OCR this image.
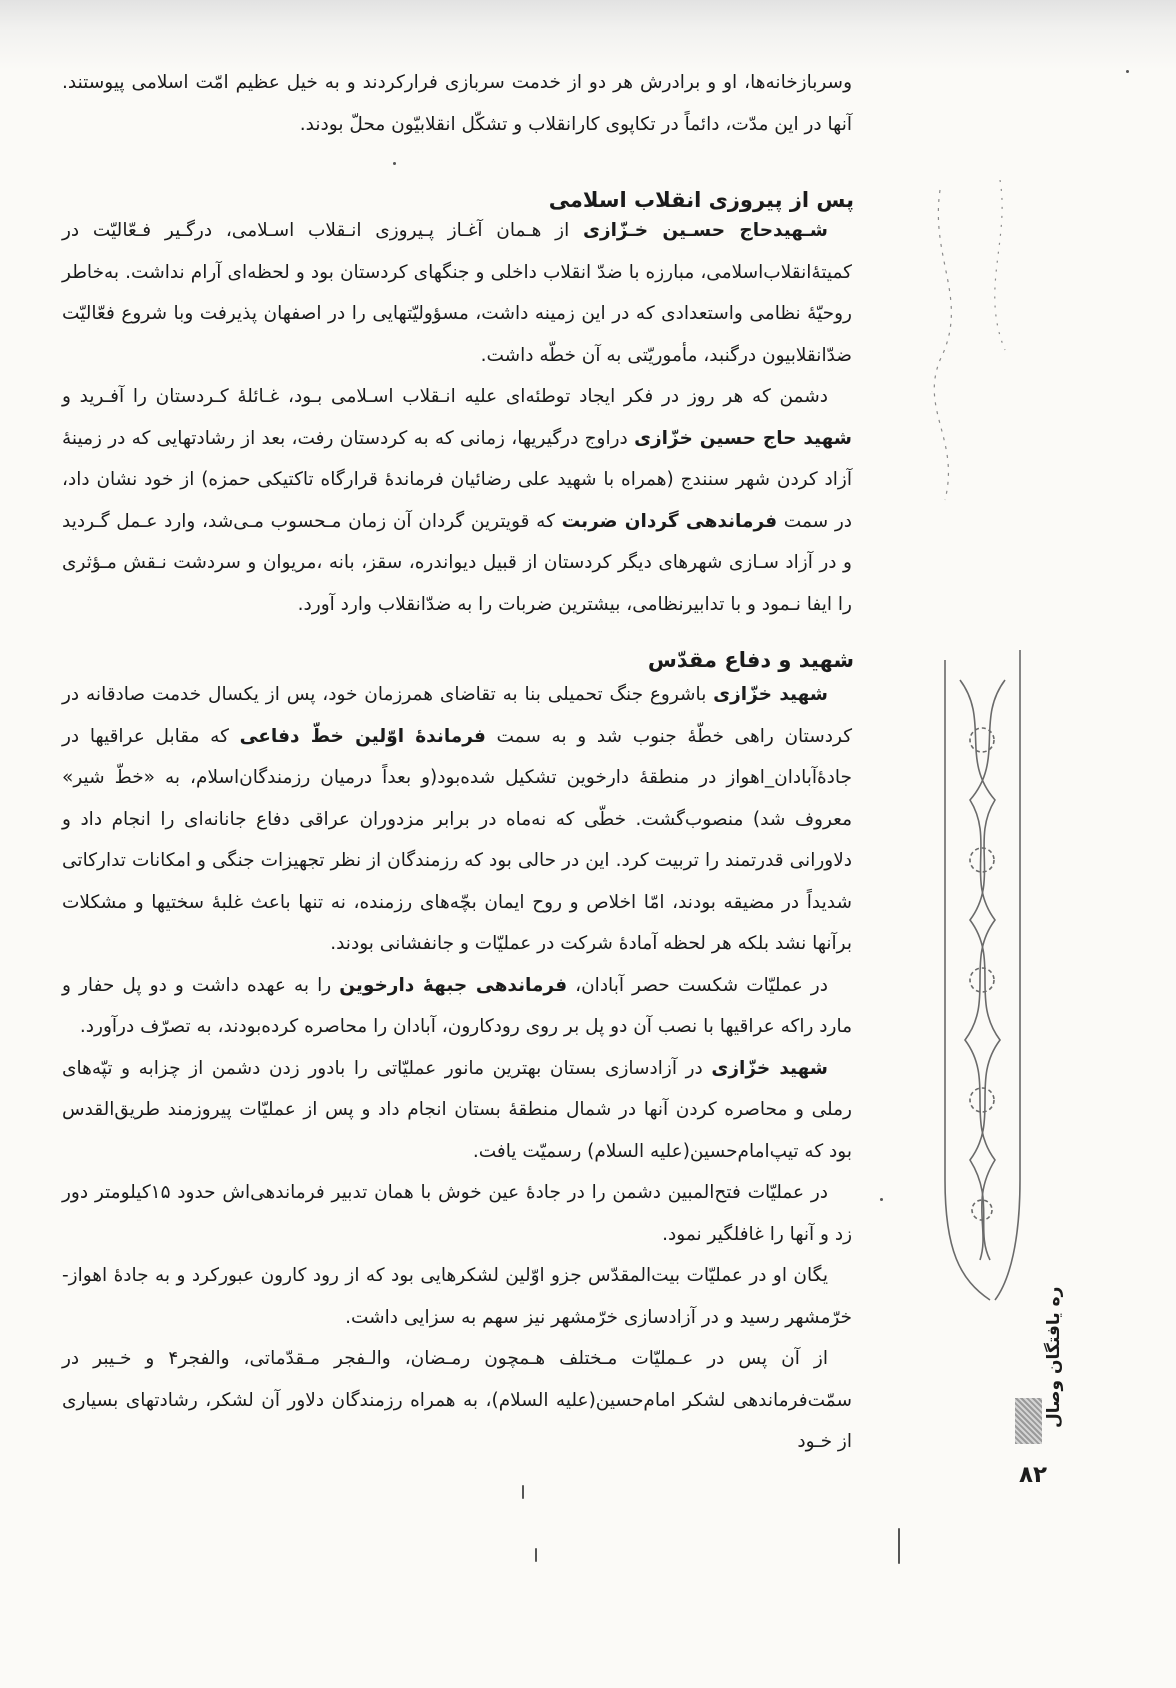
وسربازخانه‌ها، او و برادرش هر دو از خدمت سربازی فرارکردند و به خیل عظیم امّت اسلامی پیوستند. آنها در این مدّت، دائماً در تکاپوی کارانقلاب و تشکّل انقلابیّون محلّ بودند.

پس از پیروزی انقلاب اسلامی

شـهیدحاج حسـین خـزّازی از هـمان آغـاز پـیروزی انـقلاب اسـلامی، درگـیر فـعّالیّت در کمیتهٔ‌انقلاب‌اسلامی، مبارزه با ضدّ انقلاب داخلی و جنگهای کردستان بود و لحظه‌ای آرام نداشت. به‌خاطر روحیّهٔ نظامی واستعدادی که در این زمینه داشت، مسؤولیّتهایی را در اصفهان پذیرفت وبا شروع فعّالیّت ضدّانقلابیون در‌گنبد، مأموریّتی به آن خطّه داشت.

دشمن که هر روز در فکر ایجاد توطئه‌ای علیه انـقلاب اسـلامی بـود، غـائلهٔ کـردستان را آفـرید و شهید حاج حسین خزّازی دراوج درگیریها، زمانی که به کردستان رفت، بعد از رشادتهایی که در زمینهٔ آزاد کردن شهر سنندج (همراه با شهید علی رضائیان فرماندهٔ قرارگاه تاکتیکی حمزه) از خود نشان داد، در سمت فرماندهی گردان ضربت که قویترین گردان آن زمان مـحسوب مـی‌شد، وارد عـمل گـردید و در آزاد سـازی شهرهای دیگر کردستان از قبیل دیواندره، سقز، بانه ،مریوان و سردشت نـقش مـؤثری را ایفا نـمود و با تدابیرنظامی، بیشترین ضربات را به ضدّانقلاب وارد آورد.

شهید و دفاع مقدّس

شهید خزّازی باشروع جنگ تحمیلی بنا به تقاضای همرزمان خود، پس از یکسال خدمت صادقانه در کردستان راهی خطّهٔ جنوب شد و به سمت فرماندهٔ اوّلین خطّ دفاعی که مقابل عراقیها در جادهٔ‌آبادان_اهواز در منطقهٔ دارخوین تشکیل شده‌بود(و بعداً درمیان رزمندگان‌اسلام، به «خطّ شیر» معروف شد) منصوب‌گشت. خطّی که نه‌ماه در برابر مزدوران عراقی دفاع جانانه‌ای را انجام داد و دلاورانی قدرتمند را تربیت کرد. این در حالی بود که رزمندگان از نظر تجهیزات جنگی و امکانات تدارکاتی شدیداً در مضیقه بودند، امّا اخلاص و روح ایمان بچّه‌های رزمنده، نه تنها باعث غلبهٔ سختیها و مشکلات برآنها نشد بلکه هر لحظه آمادهٔ شرکت در عملیّات و جانفشانی بودند.

در عملیّات شکست حصر آبادان، فرماندهی جبههٔ دارخوین را به عهده داشت و دو پل حفار و مارد راکه عراقیها با نصب آن دو پل بر روی رودکارون، آبادان را محاصره کرده‌بودند، به تصرّف درآورد.

شهید خزّازی در آزادسازی بستان بهترین مانور عملیّاتی را بادور زدن دشمن از چزابه و تپّه‌های رملی و محاصره کردن آنها در شمال منطقهٔ بستان انجام داد و پس از عملیّات پیروزمند طریق‌القدس بود که تیپ‌امام‌حسین(علیه السلام) رسمیّت یافت.

در عملیّات فتح‌المبین دشمن را در جادهٔ عین خوش با همان تدبیر فرماندهی‌اش حدود ۱۵کیلومتر دور زد و آنها را غافلگیر نمود.

یگان او در عملیّات بیت‌المقدّس جزو اوّلین لشکرهایی بود که از رود کارون عبورکرد و به جادهٔ اهواز- خرّمشهر رسید و در آزادسازی خرّمشهر نیز سهم به سزایی داشت.

از آن پس در عـملیّات مـختلف هـمچون رمـضان، والـفجر مـقدّماتی، والفجر۴ و خـیبر در سمّت‌فرماندهی لشکر امام‌حسین(علیه السلام)، به همراه رزمندگان دلاور آن لشکر، رشادتهای بسیاری از خـود

ره یافتگان وصال
۸۲
